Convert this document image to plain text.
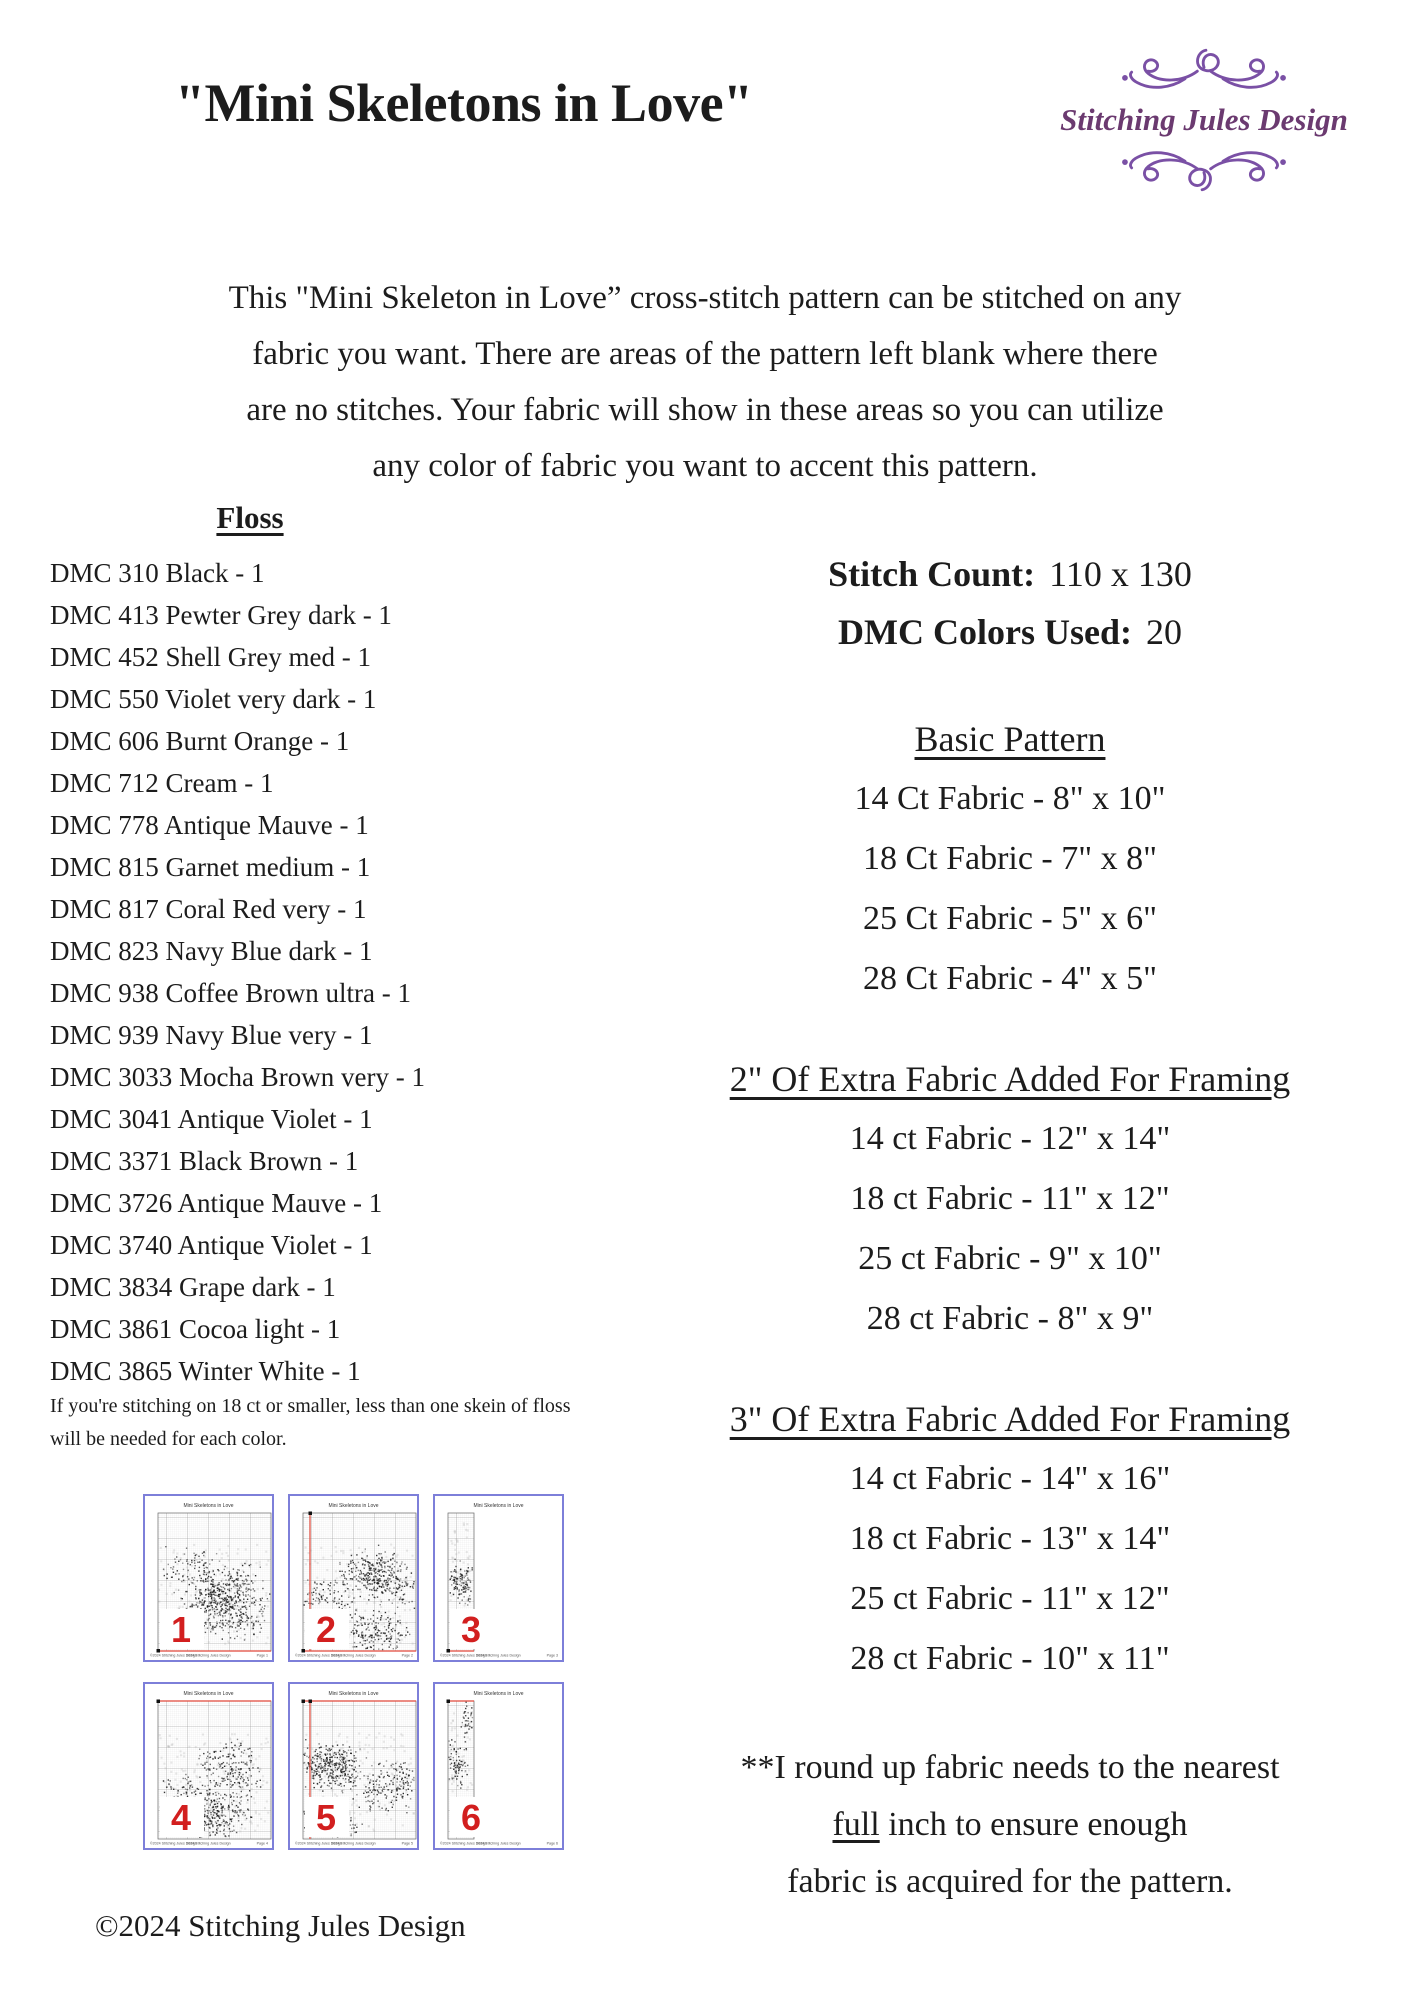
"Mini Skeletons in Love"	Stitching Jules Design
This "Mini Skeleton in Love” cross-stitch pattern can be stitched on any
fabric you want. There are areas of the pattern left blank where there
are no stitches. Your fabric will show in these areas so you can utilize
any color of fabric you want to accent this pattern.
Floss
DMC 310 Black - 1
DMC 413 Pewter Grey dark - 1
DMC 452 Shell Grey med - 1
DMC 550 Violet very dark - 1
DMC 606 Burnt Orange - 1
DMC 712 Cream - 1
DMC 778 Antique Mauve - 1
DMC 815 Garnet medium - 1
DMC 817 Coral Red very - 1
DMC 823 Navy Blue dark - 1
DMC 938 Coffee Brown ultra - 1
DMC 939 Navy Blue very - 1
DMC 3033 Mocha Brown very - 1
DMC 3041 Antique Violet - 1
DMC 3371 Black Brown - 1
DMC 3726 Antique Mauve - 1
DMC 3740 Antique Violet - 1
DMC 3834 Grape dark - 1
DMC 3861 Cocoa light - 1
DMC 3865 Winter White - 1
If you're stitching on 18 ct or smaller, less than one skein of floss
will be needed for each color.
1
Mini Skeletons in Love
©2024 Stitching Jules Design
2024 Stitching Jules Design	Page 1
2
Mini Skeletons in Love
©2024 Stitching Jules Design
2024 Stitching Jules Design	Page 2
3
Mini Skeletons in Love
©2024 Stitching Jules Design
2024 Stitching Jules Design	Page 3
4
Mini Skeletons in Love
©2024 Stitching Jules Design
2024 Stitching Jules Design	Page 4
5
Mini Skeletons in Love
©2024 Stitching Jules Design
2024 Stitching Jules Design	Page 5
6
Mini Skeletons in Love
©2024 Stitching Jules Design
2024 Stitching Jules Design	Page 6
Stitch Count: 110 x 130
DMC Colors Used: 20
Basic Pattern
14 Ct Fabric - 8" x 10"
18 Ct Fabric - 7" x 8"
25 Ct Fabric - 5" x 6"
28 Ct Fabric - 4" x 5"
2" Of Extra Fabric Added For Framing
14 ct Fabric - 12" x 14"
18 ct Fabric - 11" x 12"
25 ct Fabric - 9" x 10"
28 ct Fabric - 8" x 9"
3" Of Extra Fabric Added For Framing
14 ct Fabric - 14" x 16"
18 ct Fabric - 13" x 14"
25 ct Fabric - 11" x 12"
28 ct Fabric - 10" x 11"
**I round up fabric needs to the nearest
full inch to ensure enough
fabric is acquired for the pattern.
©2024 Stitching Jules Design
